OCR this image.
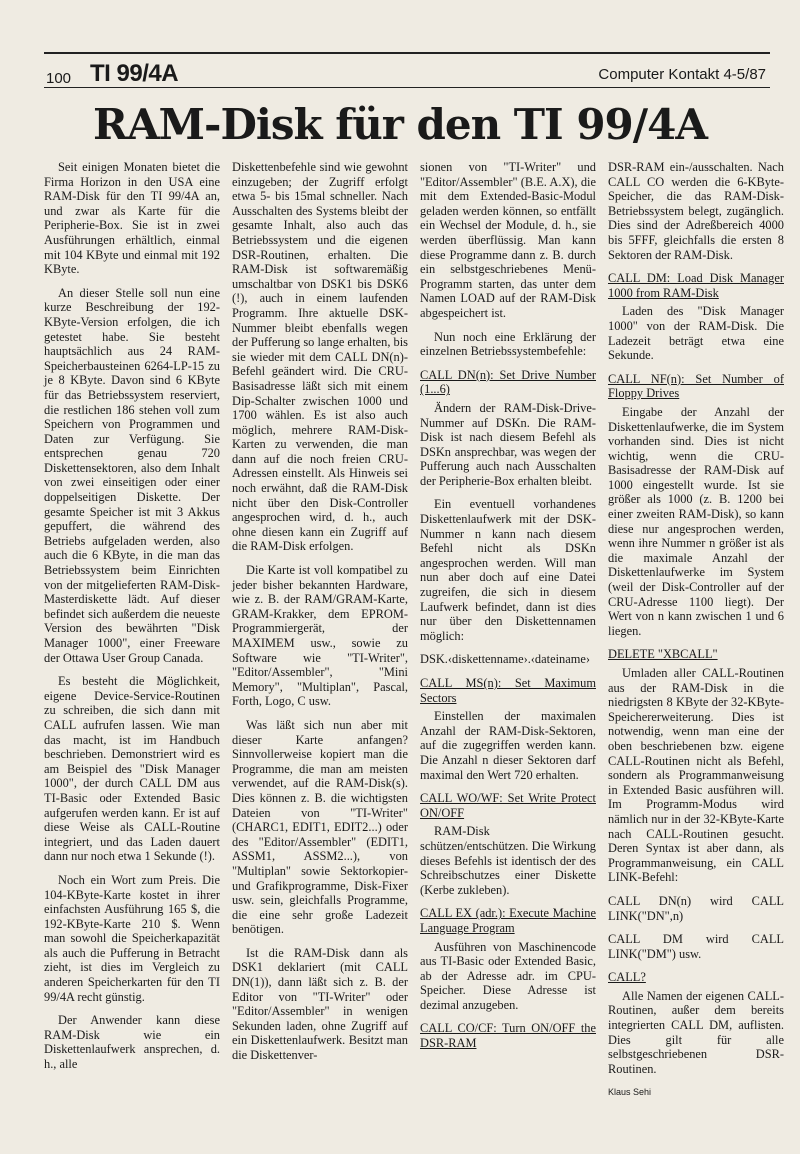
100 TI 99/4A	Computer Kontakt 4-5/87
RAM-Disk für den TI 99/4A

Seit einigen Monaten bietet die Firma Horizon in den USA eine RAM-Disk für den TI 99/4A an, und zwar als Karte für die Peripherie-Box. Sie ist in zwei Ausführungen erhältlich, einmal mit 104 KByte und einmal mit 192 KByte.

An dieser Stelle soll nun eine kurze Beschreibung der 192-KByte-Version erfolgen, die ich getestet habe. Sie besteht hauptsächlich aus 24 RAM-Speicherbausteinen 6264-LP-15 zu je 8 KByte. Davon sind 6 KByte für das Betriebssystem reserviert, die restlichen 186 stehen voll zum Speichern von Programmen und Daten zur Verfügung. Sie entsprechen genau 720 Diskettensektoren, also dem Inhalt von zwei einseitigen oder einer doppelseitigen Diskette. Der gesamte Speicher ist mit 3 Akkus gepuffert, die während des Betriebs aufgeladen werden, also auch die 6 KByte, in die man das Betriebssystem beim Einrichten von der mitgelieferten RAM-Disk-Masterdiskette lädt. Auf dieser befindet sich außerdem die neueste Version des bewährten "Disk Manager 1000", einer Freeware der Ottawa User Group Canada.

Es besteht die Möglichkeit, eigene Device-Service-Routinen zu schreiben, die sich dann mit CALL aufrufen lassen. Wie man das macht, ist im Handbuch beschrieben. Demonstriert wird es am Beispiel des "Disk Manager 1000", der durch CALL DM aus TI-Basic oder Extended Basic aufgerufen werden kann. Er ist auf diese Weise als CALL-Routine integriert, und das Laden dauert dann nur noch etwa 1 Sekunde (!).

Noch ein Wort zum Preis. Die 104-KByte-Karte kostet in ihrer einfachsten Ausführung 165 $, die 192-KByte-Karte 210 $. Wenn man sowohl die Speicherkapazität als auch die Pufferung in Betracht zieht, ist dies im Vergleich zu anderen Speicherkarten für den TI 99/4A recht günstig.

Der Anwender kann diese RAM-Disk wie ein Diskettenlaufwerk ansprechen, d. h., alle

Diskettenbefehle sind wie gewohnt einzugeben; der Zugriff erfolgt etwa 5- bis 15mal schneller. Nach Ausschalten des Systems bleibt der gesamte Inhalt, also auch das Betriebssystem und die eigenen DSR-Routinen, erhalten. Die RAM-Disk ist softwaremäßig umschaltbar von DSK1 bis DSK6 (!), auch in einem laufenden Programm. Ihre aktuelle DSK-Nummer bleibt ebenfalls wegen der Pufferung so lange erhalten, bis sie wieder mit dem CALL DN(n)-Befehl geändert wird. Die CRU-Basisadresse läßt sich mit einem Dip-Schalter zwischen 1000 und 1700 wählen. Es ist also auch möglich, mehrere RAM-Disk-Karten zu verwenden, die man dann auf die noch freien CRU-Adressen einstellt. Als Hinweis sei noch erwähnt, daß die RAM-Disk nicht über den Disk-Controller angesprochen wird, d. h., auch ohne diesen kann ein Zugriff auf die RAM-Disk erfolgen.

Die Karte ist voll kompatibel zu jeder bisher bekannten Hardware, wie z. B. der RAM/GRAM-Karte, GRAM-Krakker, dem EPROM-Programmiergerät, der MAXIMEM usw., sowie zu Software wie "TI-Writer", "Editor/Assembler", "Mini Memory", "Multiplan", Pascal, Forth, Logo, C usw.

Was läßt sich nun aber mit dieser Karte anfangen? Sinnvollerweise kopiert man die Programme, die man am meisten verwendet, auf die RAM-Disk(s). Dies können z. B. die wichtigsten Dateien von "TI-Writer" (CHARC1, EDIT1, EDIT2...) oder des "Editor/Assembler" (EDIT1, ASSM1, ASSM2...), von "Multiplan" sowie Sektorkopier- und Grafikprogramme, Disk-Fixer usw. sein, gleichfalls Programme, die eine sehr große Ladezeit benötigen.

Ist die RAM-Disk dann als DSK1 deklariert (mit CALL DN(1)), dann läßt sich z. B. der Editor von "TI-Writer" oder "Editor/Assembler" in wenigen Sekunden laden, ohne Zugriff auf ein Diskettenlaufwerk. Besitzt man die Diskettenver-

sionen von "TI-Writer" und "Editor/Assembler" (B.E. A.X), die mit dem Extended-Basic-Modul geladen werden können, so entfällt ein Wechsel der Module, d. h., sie werden überflüssig. Man kann diese Programme dann z. B. durch ein selbstgeschriebenes Menü-Programm starten, das unter dem Namen LOAD auf der RAM-Disk abgespeichert ist.

Nun noch eine Erklärung der einzelnen Betriebssystembefehle:

CALL DN(n): Set Drive Number (1...6)

Ändern der RAM-Disk-Drive-Nummer auf DSKn. Die RAM-Disk ist nach diesem Befehl als DSKn ansprechbar, was wegen der Pufferung auch nach Ausschalten der Peripherie-Box erhalten bleibt.

Ein eventuell vorhandenes Diskettenlaufwerk mit der DSK-Nummer n kann nach diesem Befehl nicht als DSKn angesprochen werden. Will man nun aber doch auf eine Datei zugreifen, die sich in diesem Laufwerk befindet, dann ist dies nur über den Diskettennamen möglich:

DSK.‹diskettenname›.‹dateiname›

CALL MS(n): Set Maximum Sectors

Einstellen der maximalen Anzahl der RAM-Disk-Sektoren, auf die zugegriffen werden kann. Die Anzahl n dieser Sektoren darf maximal den Wert 720 erhalten.

CALL WO/WF: Set Write Protect ON/OFF

RAM-Disk schützen/entschützen. Die Wirkung dieses Befehls ist identisch der des Schreibschutzes einer Diskette (Kerbe zukleben).

CALL EX (adr.): Execute Machine Language Program

Ausführen von Maschinencode aus TI-Basic oder Extended Basic, ab der Adresse adr. im CPU-Speicher. Diese Adresse ist dezimal anzugeben.

CALL CO/CF: Turn ON/OFF the DSR-RAM

DSR-RAM ein-/ausschalten. Nach CALL CO werden die 6-KByte-Speicher, die das RAM-Disk-Betriebssystem belegt, zugänglich. Dies sind der Adreßbereich 4000 bis 5FFF, gleichfalls die ersten 8 Sektoren der RAM-Disk.

CALL DM: Load Disk Manager 1000 from RAM-Disk

Laden des "Disk Manager 1000" von der RAM-Disk. Die Ladezeit beträgt etwa eine Sekunde.

CALL NF(n): Set Number of Floppy Drives

Eingabe der Anzahl der Diskettenlaufwerke, die im System vorhanden sind. Dies ist nicht wichtig, wenn die CRU-Basisadresse der RAM-Disk auf 1000 eingestellt wurde. Ist sie größer als 1000 (z. B. 1200 bei einer zweiten RAM-Disk), so kann diese nur angesprochen werden, wenn ihre Nummer n größer ist als die maximale Anzahl der Diskettenlaufwerke im System (weil der Disk-Controller auf der CRU-Adresse 1100 liegt). Der Wert von n kann zwischen 1 und 6 liegen.

DELETE "XBCALL"

Umladen aller CALL-Routinen aus der RAM-Disk in die niedrigsten 8 KByte der 32-KByte-Speichererweiterung. Dies ist notwendig, wenn man eine der oben beschriebenen bzw. eigene CALL-Routinen nicht als Befehl, sondern als Programmanweisung in Extended Basic ausführen will. Im Programm-Modus wird nämlich nur in der 32-KByte-Karte nach CALL-Routinen gesucht. Deren Syntax ist aber dann, als Programmanweisung, ein CALL LINK-Befehl:

CALL DN(n) wird CALL LINK("DN",n)
CALL DM wird CALL LINK("DM") usw.
CALL?

Alle Namen der eigenen CALL-Routinen, außer dem bereits integrierten CALL DM, auflisten. Dies gilt für alle selbstgeschriebenen DSR-Routinen.

Klaus Sehi
